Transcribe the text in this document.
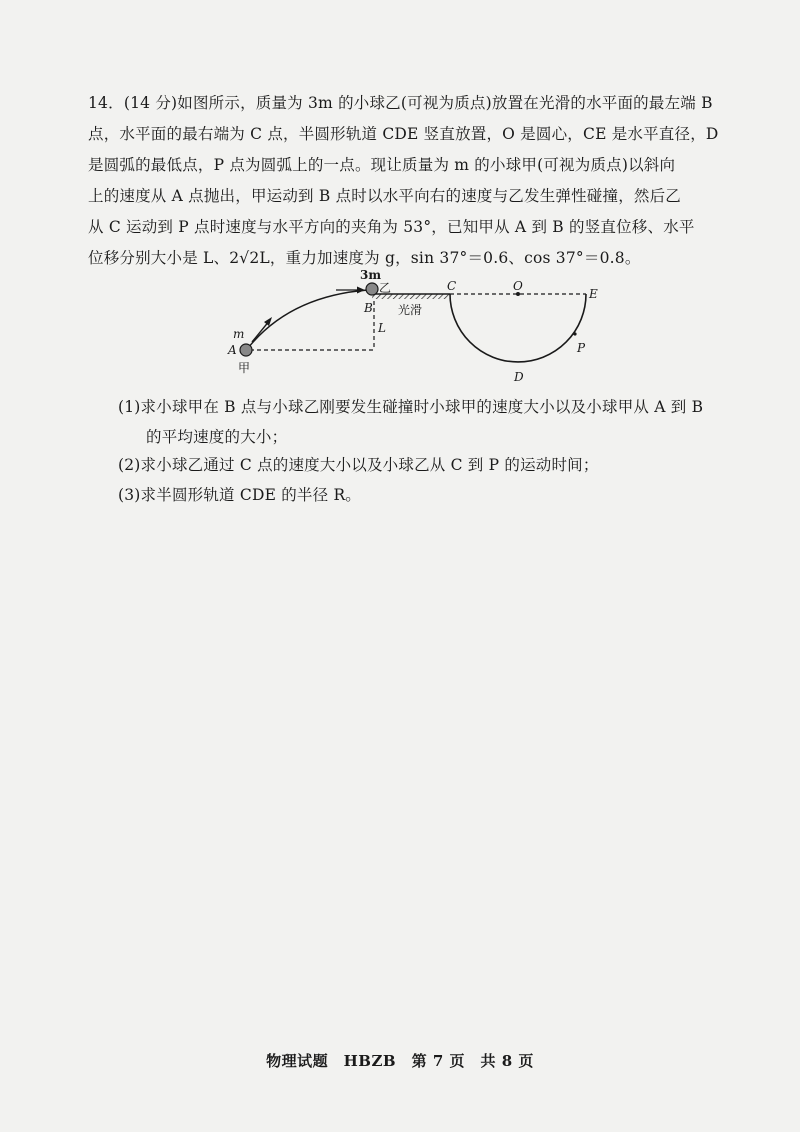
14．(14 分)如图所示，质量为 3m 的小球乙(可视为质点)放置在光滑的水平面的最左端 B
点，水平面的最右端为 C 点，半圆形轨道 CDE 竖直放置，O 是圆心，CE 是水平直径，D
是圆弧的最低点，P 点为圆弧上的一点。现让质量为 m 的小球甲(可视为质点)以斜向
上的速度从 A 点抛出，甲运动到 B 点时以水平向右的速度与乙发生弹性碰撞，然后乙
从 C 运动到 P 点时速度与水平方向的夹角为 53°，已知甲从 A 到 B 的竖直位移、水平
位移分别大小是 L、2√2L，重力加速度为 g，sin 37°＝0.6、cos 37°＝0.8。
3m
乙
B
C	O
E
光滑
L
m
A
甲
P
D
(1)求小球甲在 B 点与小球乙刚要发生碰撞时小球甲的速度大小以及小球甲从 A 到 B
的平均速度的大小；
(2)求小球乙通过 C 点的速度大小以及小球乙从 C 到 P 的运动时间；
(3)求半圆形轨道 CDE 的半径 R。
物理试题　HBZB　第 7 页　共 8 页
